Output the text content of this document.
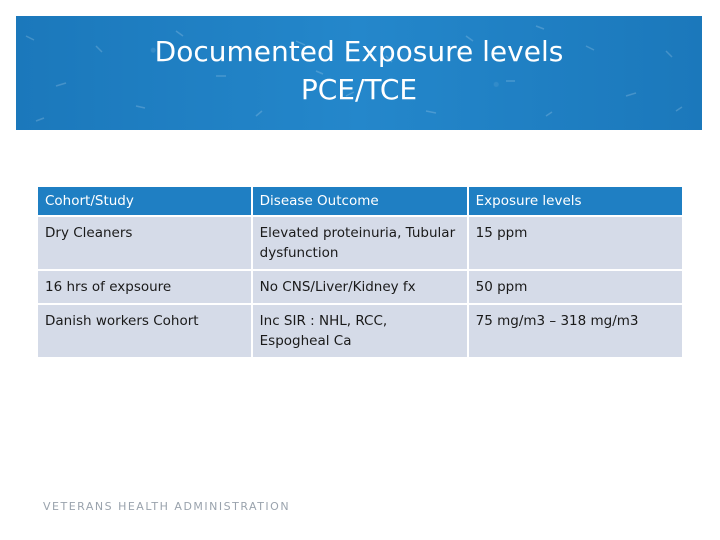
Documented Exposure levels
PCE/TCE
Cohort/Study	Disease Outcome	Exposure levels
Dry Cleaners	Elevated proteinuria, Tubular dysfunction	15 ppm
16 hrs of expsoure	No CNS/Liver/Kidney fx	50 ppm
Danish workers Cohort	Inc SIR : NHL, RCC, Espogheal Ca	75 mg/m3 – 318 mg/m3
VETERANS HEALTH ADMINISTRATION
